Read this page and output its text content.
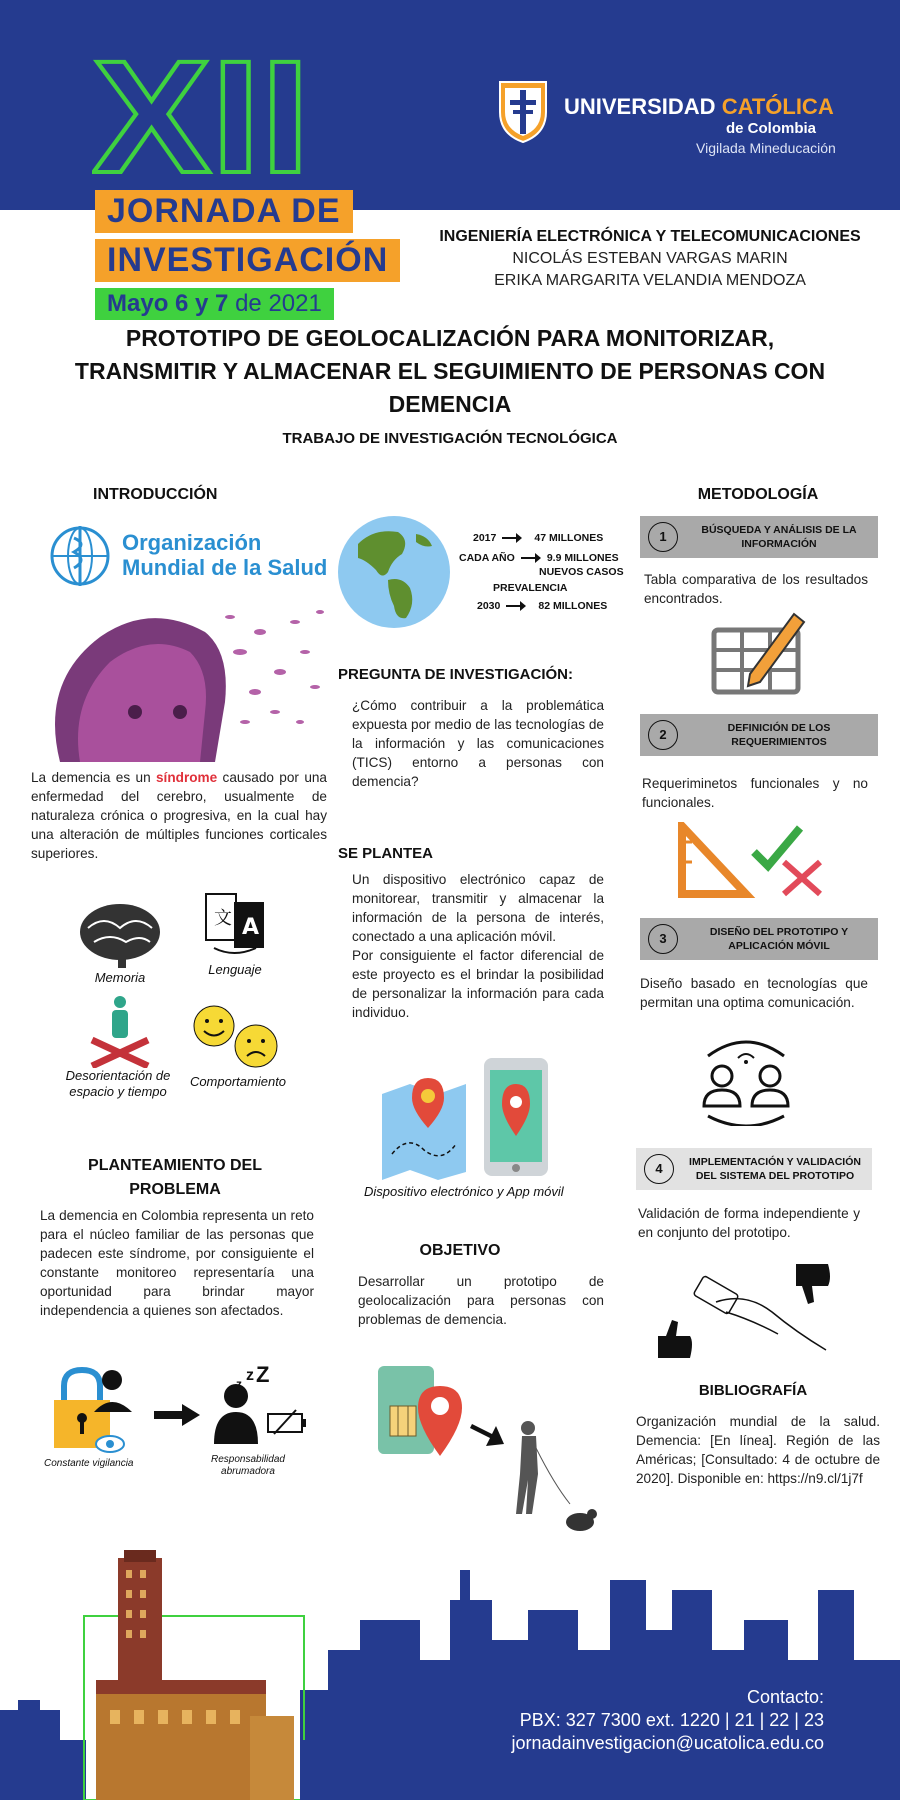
XII	UNIVERSIDAD CATÓLICA
de Colombia
Vigilada Mineducación
JORNADA DE
INVESTIGACIÓN
Mayo 6 y 7 de 2021
INGENIERÍA ELECTRÓNICA Y TELECOMUNICACIONES
NICOLÁS ESTEBAN VARGAS MARIN
ERIKA MARGARITA VELANDIA MENDOZA
PROTOTIPO DE GEOLOCALIZACIÓN PARA MONITORIZAR,
TRANSMITIR Y ALMACENAR EL SEGUIMIENTO DE PERSONAS CON
DEMENCIA
TRABAJO DE INVESTIGACIÓN TECNOLÓGICA
INTRODUCCIÓN
Organización
Mundial de la Salud
La demencia es un síndrome causado por una enfermedad del cerebro, usualmente de naturaleza crónica o progresiva, en la cual hay una alteración de múltiples funciones corticales superiores.
Memoria
文 A
Lenguaje
Desorientación de
espacio y tiempo
Comportamiento
PLANTEAMIENTO DEL
PROBLEMA
La demencia en Colombia representa un reto para el núcleo familiar de las personas que padecen este síndrome, por consiguiente el constante monitoreo representaría una oportunidad para brindar mayor independencia a quienes son afectados.
Constante vigilancia
z z Z
Responsabilidad
abrumadora
2017	47 MILLONES
CADA AÑO	9.9 MILLONES
NUEVOS CASOS
PREVALENCIA
2030	82 MILLONES
PREGUNTA DE INVESTIGACIÓN:
¿Cómo contribuir a la problemática expuesta por medio de las tecnologías de la información y las comunicaciones (TICS) entorno a personas con demencia?
SE PLANTEA
Un dispositivo electrónico capaz de monitorear, transmitir y almacenar la información de la persona de interés, conectado a una aplicación móvil.
Por consiguiente el factor diferencial de este proyecto es el brindar la posibilidad de personalizar la información para cada individuo.
Dispositivo electrónico y App móvil
OBJETIVO
Desarrollar un prototipo de geolocalización para personas con problemas de demencia.
METODOLOGÍA
1	BÚSQUEDA Y ANÁLISIS DE LA
INFORMACIÓN
Tabla comparativa de los resultados encontrados.
2	DEFINICIÓN DE LOS
REQUERIMIENTOS
Requeriminetos funcionales y no funcionales.
3	DISEÑO DEL PROTOTIPO Y
APLICACIÓN MÓVIL
Diseño basado en tecnologías que permitan una optima comunicación.
4	IMPLEMENTACIÓN Y VALIDACIÓN
DEL SISTEMA DEL PROTOTIPO
Validación de forma independiente y en conjunto del prototipo.
BIBLIOGRAFÍA
Organización mundial de la salud. Demencia: [En línea]. Región de las Américas; [Consultado: 4 de octubre de 2020]. Disponible en: https://n9.cl/1j7f
Contacto:
PBX: 327 7300 ext. 1220 | 21 | 22 | 23
jornadainvestigacion@ucatolica.edu.co
